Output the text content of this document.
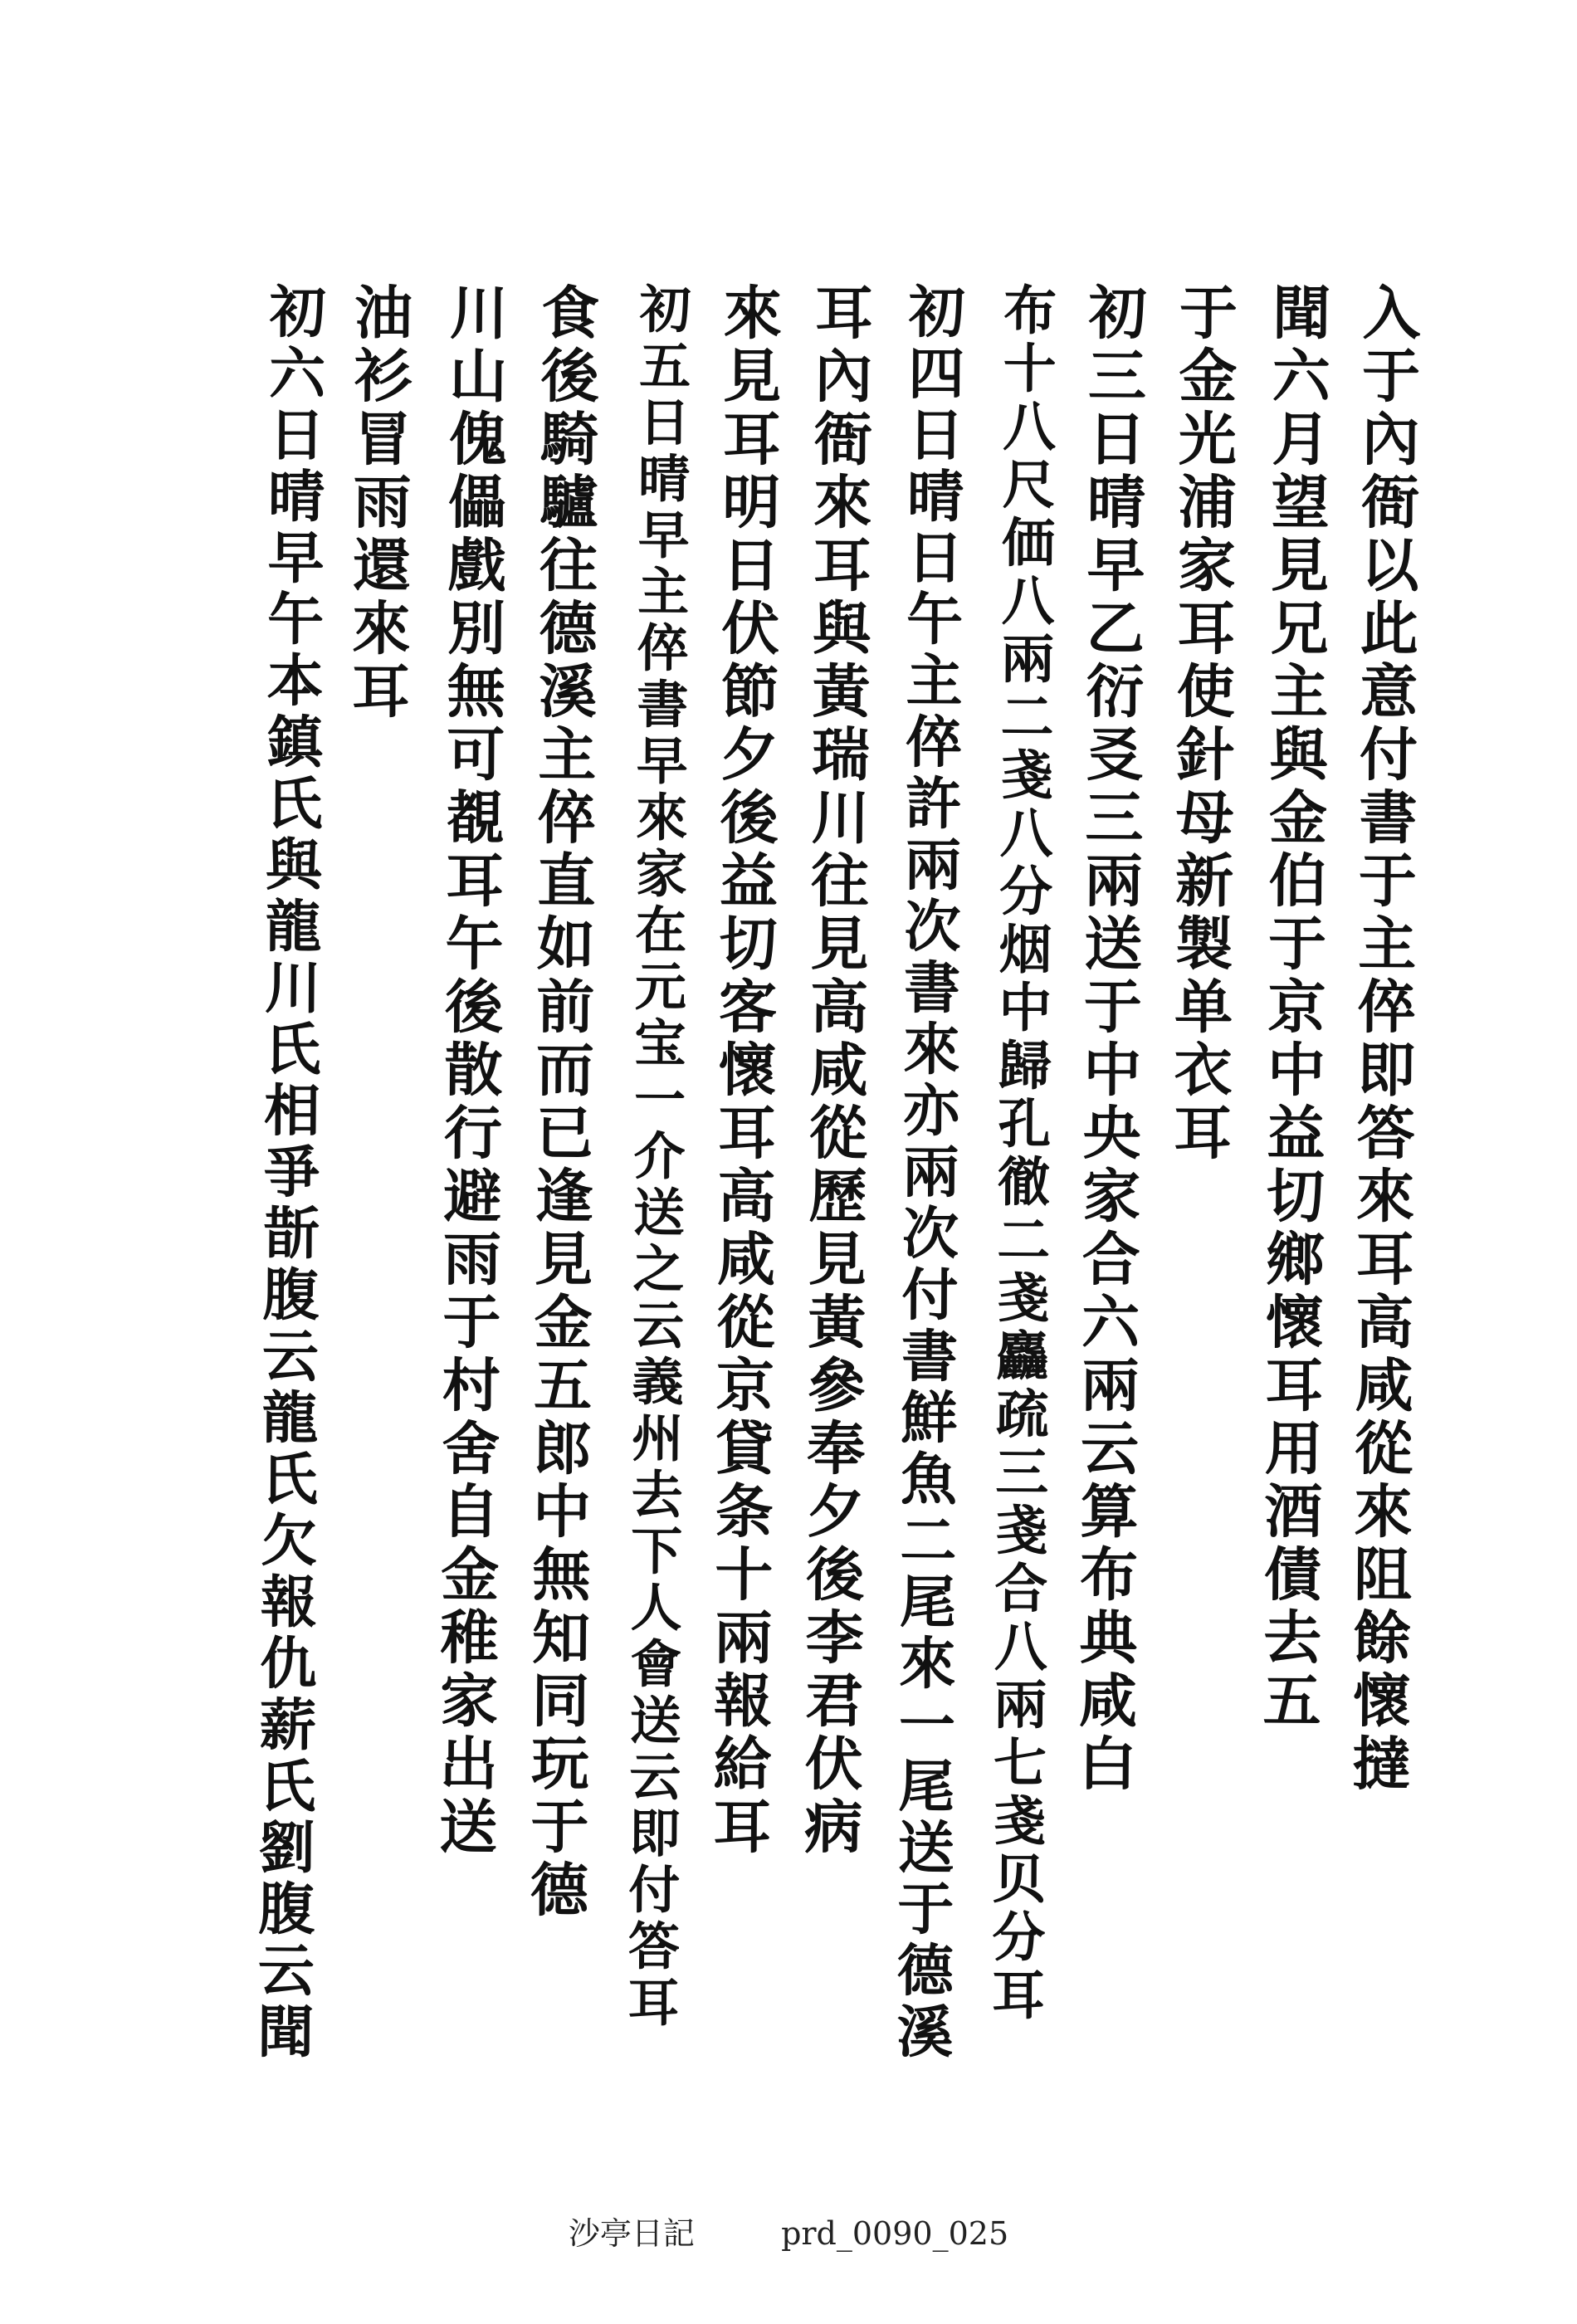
入于內衙以此意付書于主倅即答來耳高咸從來阻餘懷撻
聞六月望見兄主與金伯于京中益切鄉懷耳用酒債去五
于金光浦家耳使針母新製单衣耳
初三日晴早乙衍㕛三兩送于中央家合六兩云算布典咸白
布十八尺価八兩二戔八分烟中歸孔徹二戔麤疏三戔合八兩七戔贝分耳
初四日晴日午主倅許兩次書來亦兩次付書鮮魚二尾來一尾送于德溪
耳內衙來耳與黃瑞川往見高咸從歷見黃參奉夕後李君伏病
來見耳明日伏節夕後益切客懷耳高咸從京貸条十兩報給耳
初五日晴早主倅書早來家在元宝一介送之云義州去下人會送云即付答耳
食後騎驢往德溪主倅直如前而已逢見金五郎中無知同玩于德
川山傀儡戲別無可覩耳午後散行避雨于村舍自金稚家出送
油衫冒雨還來耳
初六日晴早午本鎮氏與龍川氏相爭斮腹云龍氏欠報仇薪氏劉腹云聞
沙亭日記	prd_0090_025
